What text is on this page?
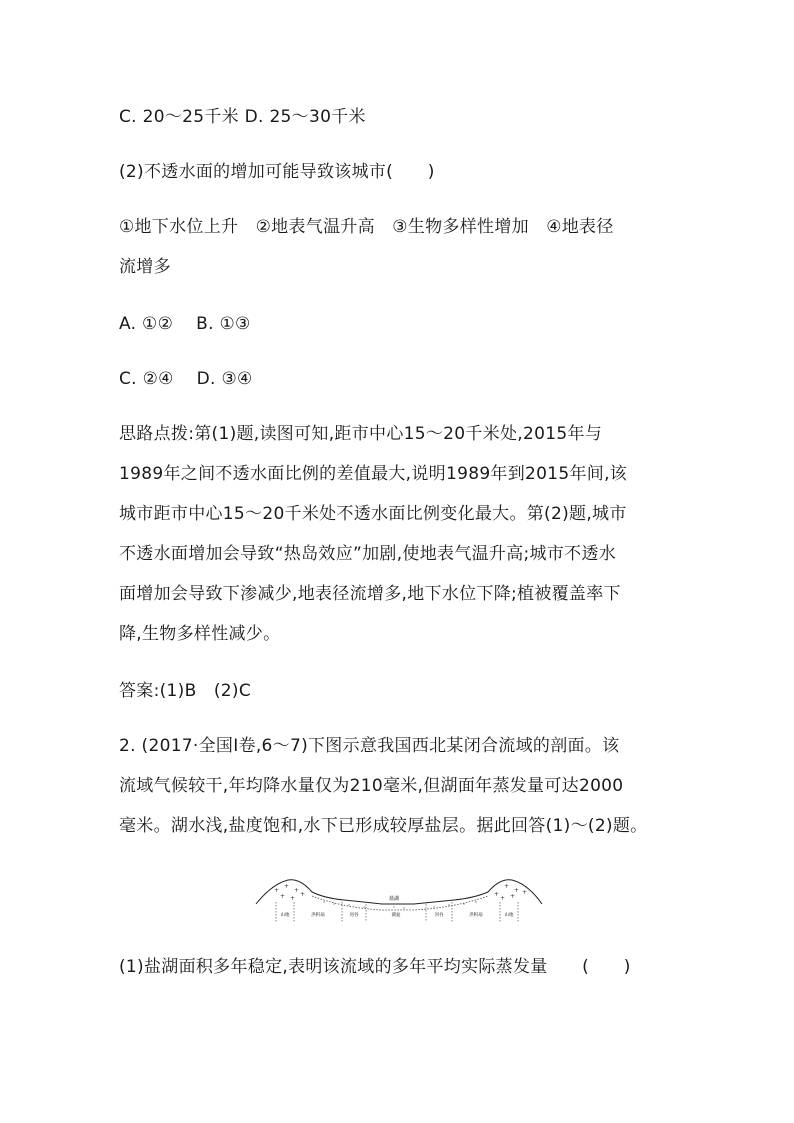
C. 20～25千米 D. 25～30千米
(2)不透水面的增加可能导致该城市(　　)
①地下水位上升　②地表气温升高　③生物多样性增加　④地表径
流增多
A. ①②　 B. ①③
C. ②④　 D. ③④
思路点拨:第(1)题,读图可知,距市中心15～20千米处,2015年与
1989年之间不透水面比例的差值最大,说明1989年到2015年间,该
城市距市中心15～20千米处不透水面比例变化最大。第(2)题,城市
不透水面增加会导致“热岛效应”加剧,使地表气温升高;城市不透水
面增加会导致下渗减少,地表径流增多,地下水位下降;植被覆盖率下
降,生物多样性减少。
答案:(1)B　(2)C
2. (2017·全国Ⅰ卷,6～7)下图示意我国西北某闭合流域的剖面。该
流域气候较干,年均降水量仅为210毫米,但湖面年蒸发量可达2000
毫米。湖水浅,盐度饱和,水下已形成较厚盐层。据此回答(1)～(2)题。
+
+
+
+ +
+	+
+
+
+ +
+
盐湖
山地	洪积扇	河谷	湖盆	河谷	洪积扇	山地
(1)盐湖面积多年稳定,表明该流域的多年平均实际蒸发量　　(　　)
